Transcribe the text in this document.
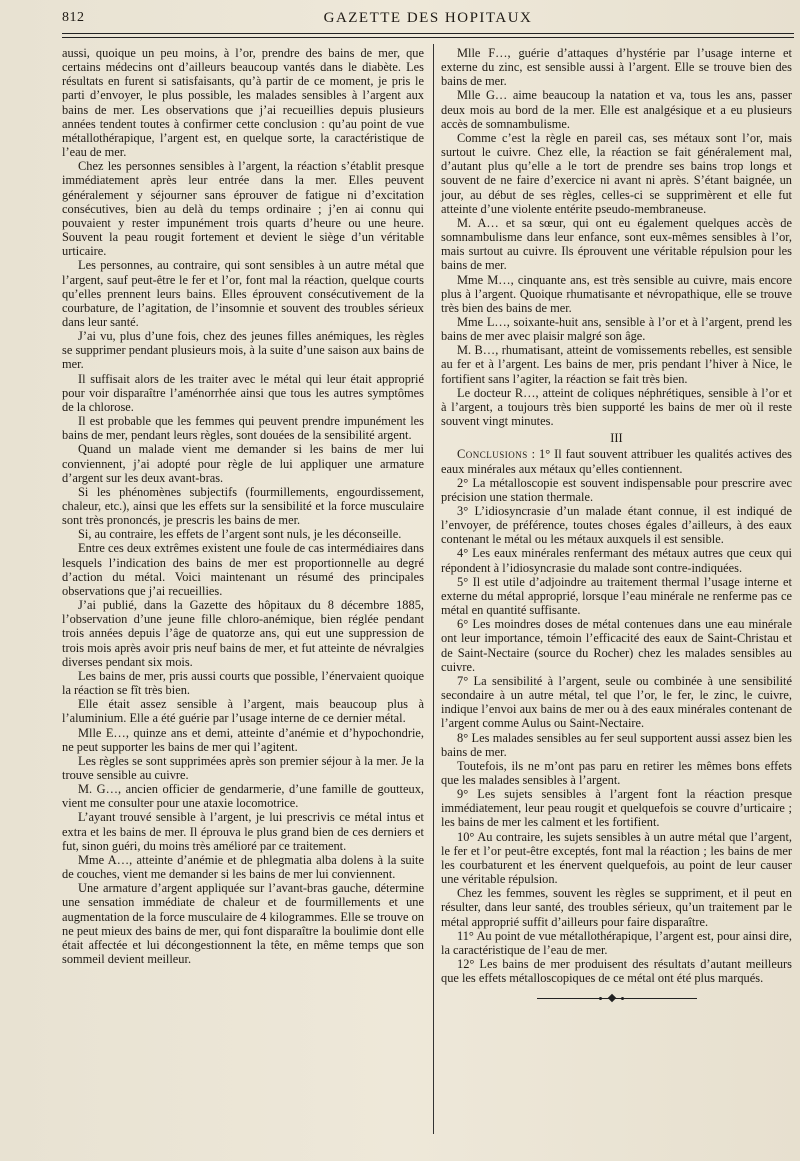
812	GAZETTE DES HOPITAUX

aussi, quoique un peu moins, à l’or, prendre des bains de mer, que certains médecins ont d’ailleurs beaucoup vantés dans le diabète. Les résultats en furent si satisfaisants, qu’à partir de ce moment, je pris le parti d’envoyer, le plus possible, les malades sensibles à l’argent aux bains de mer. Les observations que j’ai recueillies depuis plusieurs années tendent toutes à confirmer cette conclusion : qu’au point de vue métallothérapique, l’argent est, en quelque sorte, la caractéristique de l’eau de mer.

Chez les personnes sensibles à l’argent, la réaction s’établit presque immédiatement après leur entrée dans la mer. Elles peuvent généralement y séjourner sans éprouver de fatigue ni d’excitation consécutives, bien au delà du temps ordinaire ; j’en ai connu qui pouvaient y rester impunément trois quarts d’heure ou une heure. Souvent la peau rougit fortement et devient le siège d’un véritable urticaire.

Les personnes, au contraire, qui sont sensibles à un autre métal que l’argent, sauf peut-être le fer et l’or, font mal la réaction, quelque courts qu’elles prennent leurs bains. Elles éprouvent consécutivement de la courbature, de l’agitation, de l’insomnie et souvent des troubles sérieux dans leur santé.

J’ai vu, plus d’une fois, chez des jeunes filles anémiques, les règles se supprimer pendant plusieurs mois, à la suite d’une saison aux bains de mer.

Il suffisait alors de les traiter avec le métal qui leur était approprié pour voir disparaître l’aménorrhée ainsi que tous les autres symptômes de la chlorose.

Il est probable que les femmes qui peuvent prendre impunément les bains de mer, pendant leurs règles, sont douées de la sensibilité argent.

Quand un malade vient me demander si les bains de mer lui conviennent, j’ai adopté pour règle de lui appliquer une armature d’argent sur les deux avant-bras.

Si les phénomènes subjectifs (fourmillements, engourdissement, chaleur, etc.), ainsi que les effets sur la sensibilité et la force musculaire sont très prononcés, je prescris les bains de mer.

Si, au contraire, les effets de l’argent sont nuls, je les déconseille.

Entre ces deux extrêmes existent une foule de cas intermédiaires dans lesquels l’indication des bains de mer est proportionnelle au degré d’action du métal. Voici maintenant un résumé des principales observations que j’ai recueillies.

J’ai publié, dans la Gazette des hôpitaux du 8 décembre 1885, l’observation d’une jeune fille chloro-anémique, bien réglée pendant trois années depuis l’âge de quatorze ans, qui eut une suppression de trois mois après avoir pris neuf bains de mer, et fut atteinte de névralgies diverses pendant six mois.

Les bains de mer, pris aussi courts que possible, l’énervaient quoique la réaction se fît très bien.

Elle était assez sensible à l’argent, mais beaucoup plus à l’aluminium. Elle a été guérie par l’usage interne de ce dernier métal.

Mlle E…, quinze ans et demi, atteinte d’anémie et d’hypochondrie, ne peut supporter les bains de mer qui l’agitent.

Les règles se sont supprimées après son premier séjour à la mer. Je la trouve sensible au cuivre.

M. G…, ancien officier de gendarmerie, d’une famille de goutteux, vient me consulter pour une ataxie locomotrice.

L’ayant trouvé sensible à l’argent, je lui prescrivis ce métal intus et extra et les bains de mer. Il éprouva le plus grand bien de ces derniers et fut, sinon guéri, du moins très amélioré par ce traitement.

Mme A…, atteinte d’anémie et de phlegmatia alba dolens à la suite de couches, vient me demander si les bains de mer lui conviennent.

Une armature d’argent appliquée sur l’avant-bras gauche, détermine une sensation immédiate de chaleur et de fourmillements et une augmentation de la force musculaire de 4 kilogrammes. Elle se trouve on ne peut mieux des bains de mer, qui font disparaître la boulimie dont elle était affectée et lui décongestionnent la tête, en même temps que son sommeil devient meilleur.

Mlle F…, guérie d’attaques d’hystérie par l’usage interne et externe du zinc, est sensible aussi à l’argent. Elle se trouve bien des bains de mer.

Mlle G… aime beaucoup la natation et va, tous les ans, passer deux mois au bord de la mer. Elle est analgésique et a eu plusieurs accès de somnambulisme.

Comme c’est la règle en pareil cas, ses métaux sont l’or, mais surtout le cuivre. Chez elle, la réaction se fait généralement mal, d’autant plus qu’elle a le tort de prendre ses bains trop longs et souvent de ne faire d’exercice ni avant ni après. S’étant baignée, un jour, au début de ses règles, celles-ci se supprimèrent et elle fut atteinte d’une violente entérite pseudo-membraneuse.

M. A… et sa sœur, qui ont eu également quelques accès de somnambulisme dans leur enfance, sont eux-mêmes sensibles à l’or, mais surtout au cuivre. Ils éprouvent une véritable répulsion pour les bains de mer.

Mme M…, cinquante ans, est très sensible au cuivre, mais encore plus à l’argent. Quoique rhumatisante et névropathique, elle se trouve très bien des bains de mer.

Mme L…, soixante-huit ans, sensible à l’or et à l’argent, prend les bains de mer avec plaisir malgré son âge.

M. B…, rhumatisant, atteint de vomissements rebelles, est sensible au fer et à l’argent. Les bains de mer, pris pendant l’hiver à Nice, le fortifient sans l’agiter, la réaction se fait très bien.

Le docteur R…, atteint de coliques néphrétiques, sensible à l’or et à l’argent, a toujours très bien supporté les bains de mer où il reste souvent vingt minutes.

III

Conclusions : 1° Il faut souvent attribuer les qualités actives des eaux minérales aux métaux qu’elles contiennent.

2° La métalloscopie est souvent indispensable pour prescrire avec précision une station thermale.

3° L’idiosyncrasie d’un malade étant connue, il est indiqué de l’envoyer, de préférence, toutes choses égales d’ailleurs, à des eaux contenant le métal ou les métaux auxquels il est sensible.

4° Les eaux minérales renfermant des métaux autres que ceux qui répondent à l’idiosyncrasie du malade sont contre-indiquées.

5° Il est utile d’adjoindre au traitement thermal l’usage interne et externe du métal approprié, lorsque l’eau minérale ne renferme pas ce métal en quantité suffisante.

6° Les moindres doses de métal contenues dans une eau minérale ont leur importance, témoin l’efficacité des eaux de Saint-Christau et de Saint-Nectaire (source du Rocher) chez les malades sensibles au cuivre.

7° La sensibilité à l’argent, seule ou combinée à une sensibilité secondaire à un autre métal, tel que l’or, le fer, le zinc, le cuivre, indique l’envoi aux bains de mer ou à des eaux minérales contenant de l’argent comme Aulus ou Saint-Nectaire.

8° Les malades sensibles au fer seul supportent aussi assez bien les bains de mer.

Toutefois, ils ne m’ont pas paru en retirer les mêmes bons effets que les malades sensibles à l’argent.

9° Les sujets sensibles à l’argent font la réaction presque immédiatement, leur peau rougit et quelquefois se couvre d’urticaire ; les bains de mer les calment et les fortifient.

10° Au contraire, les sujets sensibles à un autre métal que l’argent, le fer et l’or peut-être exceptés, font mal la réaction ; les bains de mer les courbaturent et les énervent quelquefois, au point de leur causer une véritable répulsion.

Chez les femmes, souvent les règles se suppriment, et il peut en résulter, dans leur santé, des troubles sérieux, qu’un traitement par le métal approprié suffit d’ailleurs pour faire disparaître.

11° Au point de vue métallothérapique, l’argent est, pour ainsi dire, la caractéristique de l’eau de mer.

12° Les bains de mer produisent des résultats d’autant meilleurs que les effets métalloscopiques de ce métal ont été plus marqués.
